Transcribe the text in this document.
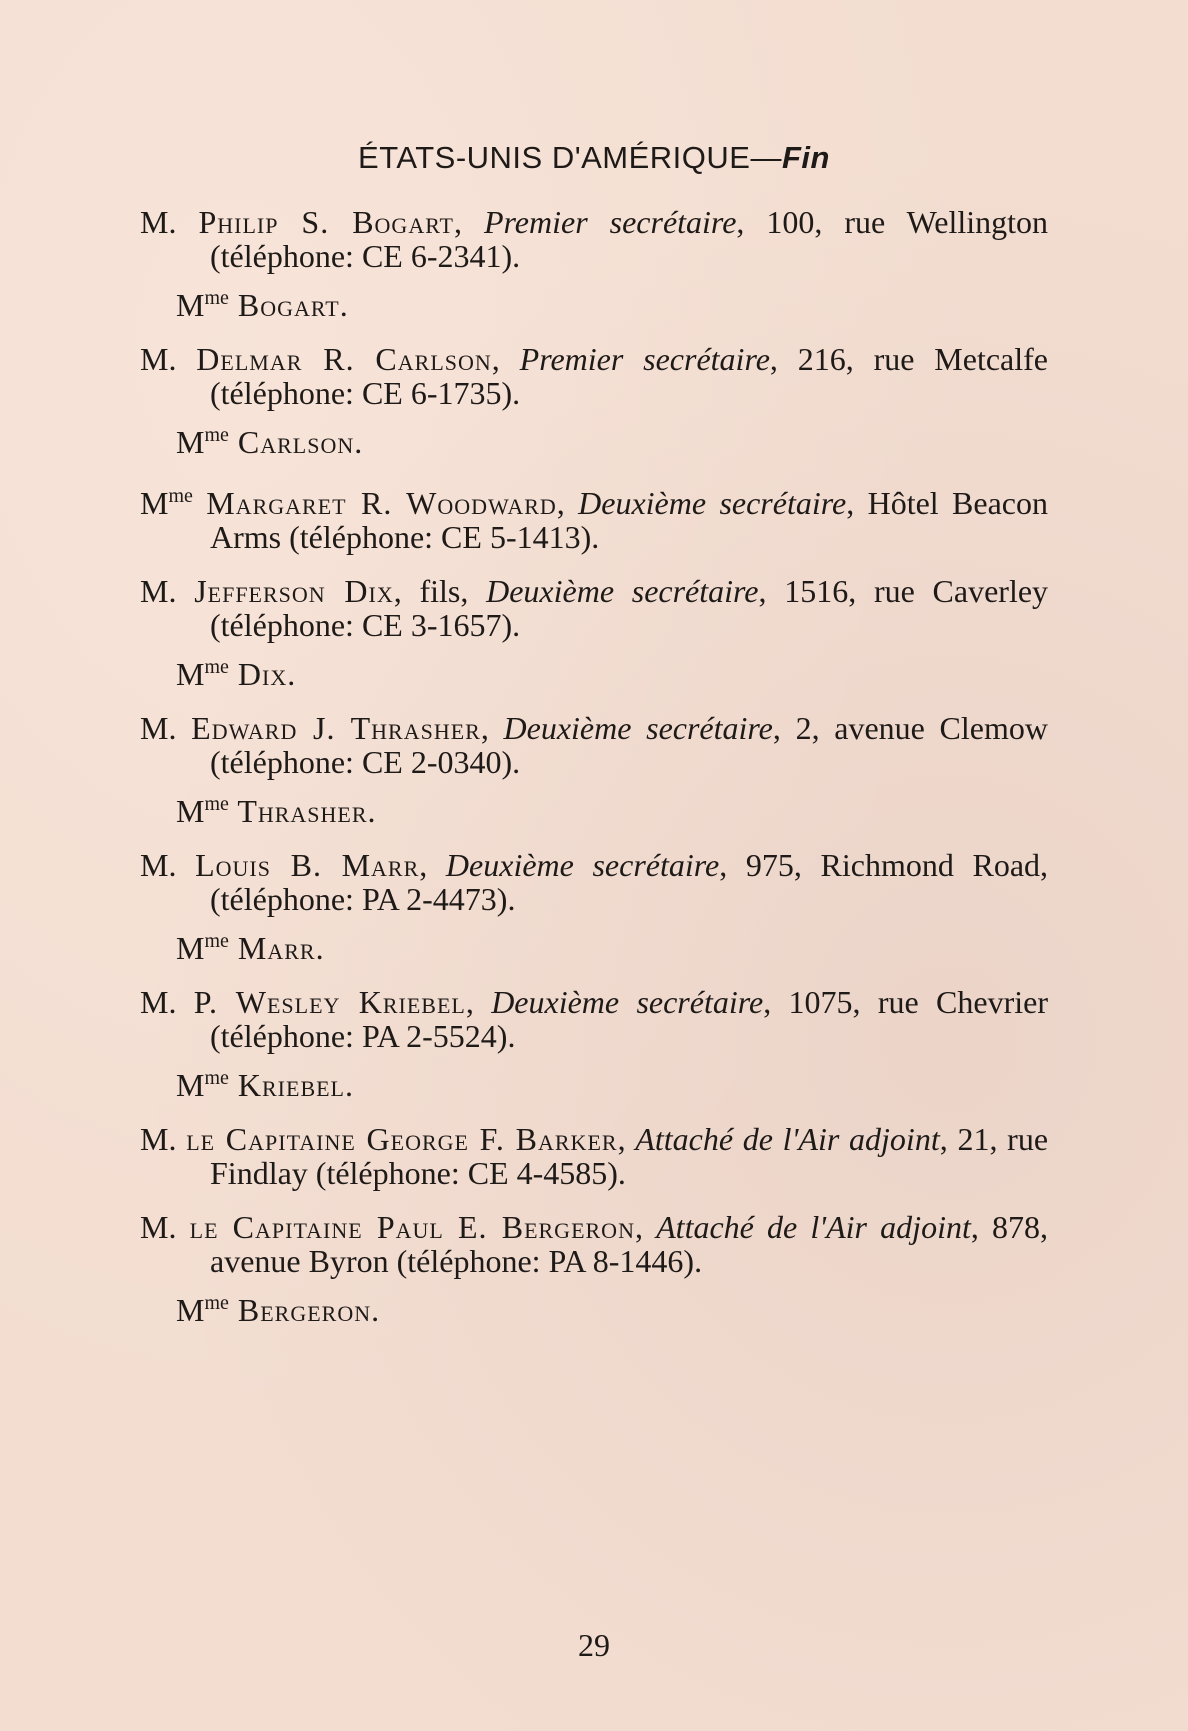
ÉTATS-UNIS D'AMÉRIQUE—Fin
M. Philip S. Bogart, Premier secrétaire, 100, rue Wellington (téléphone: CE 6-2341).
$M^{me}$ Bogart.
M. Delmar R. Carlson, Premier secrétaire, 216, rue Metcalfe (téléphone: CE 6-1735).
$M^{me}$ Carlson.
$M^{me}$ Margaret R. Woodward, Deuxième secrétaire, Hôtel Beacon Arms (téléphone: CE 5-1413).
M. Jefferson Dix, fils, Deuxième secrétaire, 1516, rue Caverley (téléphone: CE 3-1657).
$M^{me}$ Dix.
M. Edward J. Thrasher, Deuxième secrétaire, 2, avenue Clemow (téléphone: CE 2-0340).
$M^{me}$ Thrasher.
M. Louis B. Marr, Deuxième secrétaire, 975, Richmond Road, (téléphone: PA 2-4473).
$M^{me}$ Marr.
M. P. Wesley Kriebel, Deuxième secrétaire, 1075, rue Chevrier (téléphone: PA 2-5524).
$M^{me}$ Kriebel.
M. le Capitaine George F. Barker, Attaché de l'Air adjoint, 21, rue Findlay (téléphone: CE 4-4585).
M. le Capitaine Paul E. Bergeron, Attaché de l'Air adjoint, 878, avenue Byron (téléphone: PA 8-1446).
$M^{me}$ Bergeron.
29
